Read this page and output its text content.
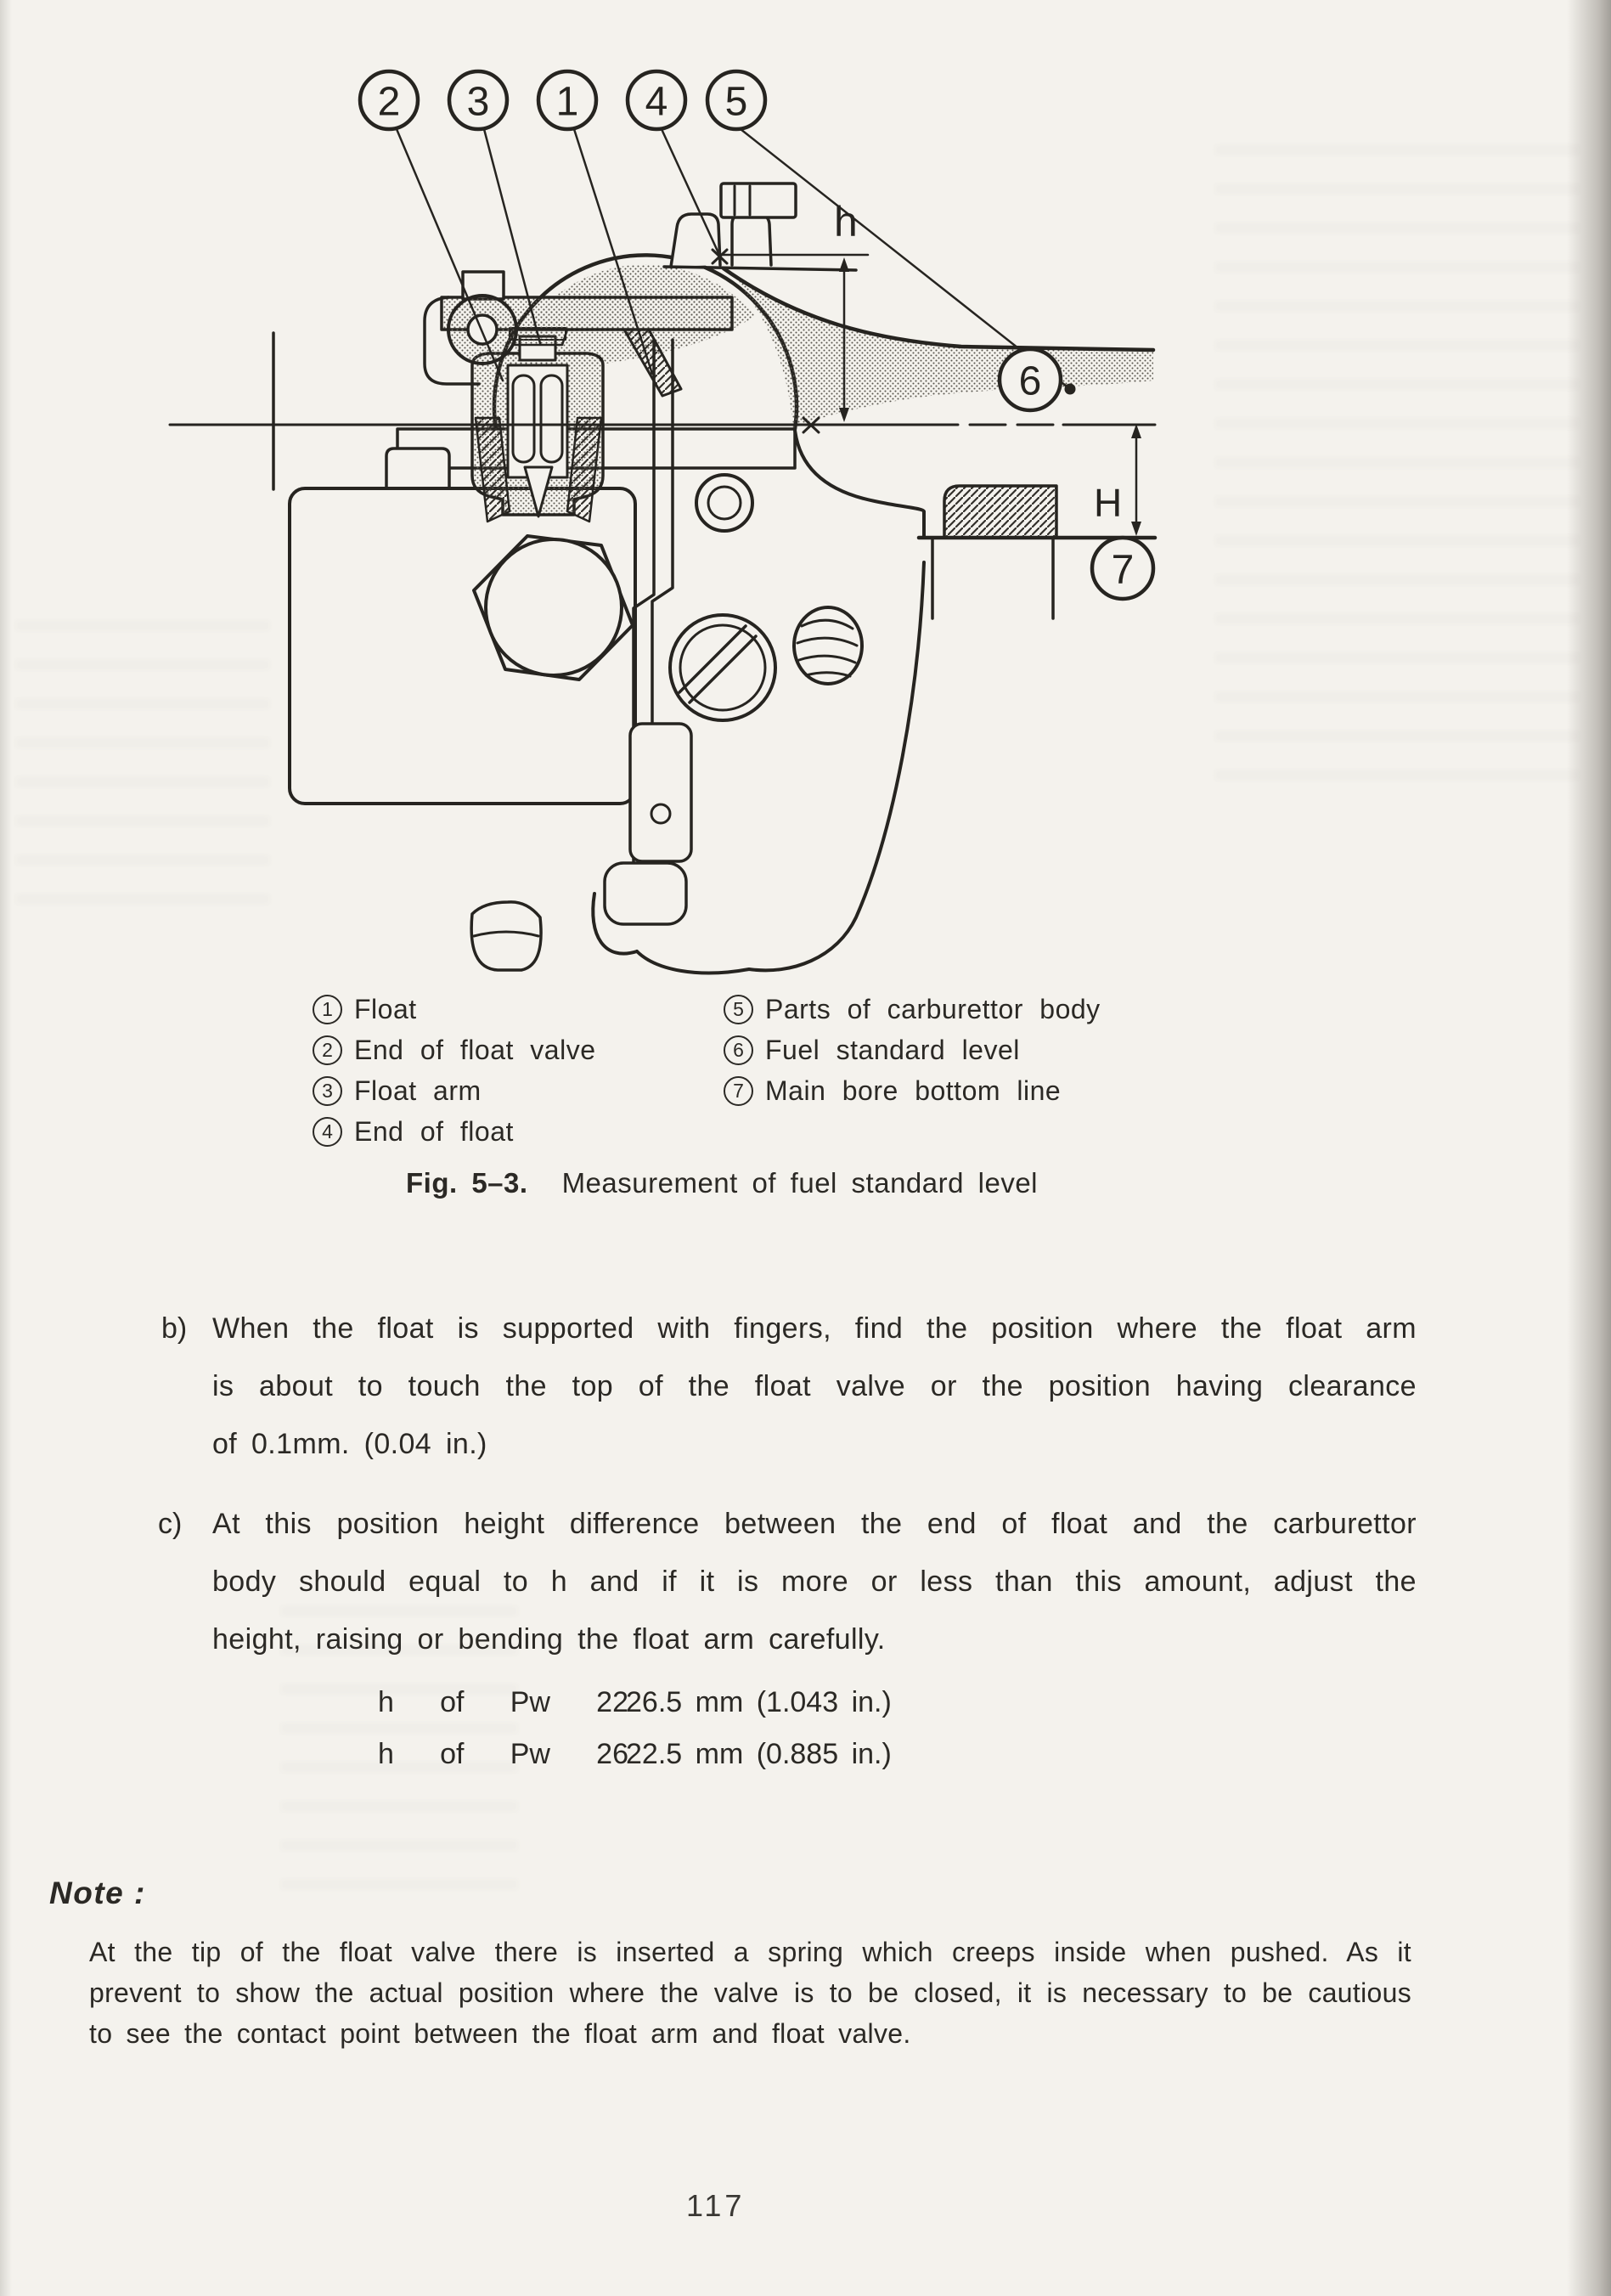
2 3 1 4 5
6
7
h
H
1 Float
2 End of float valve
3 Float arm
4 End of float
5 Parts of carburettor body
6 Fuel standard level
7 Main bore bottom line
Fig. 5–3. Measurement of fuel standard level
b) When the float is supported with fingers, find the position where the float arm
is about to touch the top of the float valve or the position having clearance
of 0.1mm. (0.04 in.)
c) At this position height difference between the end of float and the carburettor
body should equal to h and if it is more or less than this amount, adjust the
height, raising or bending the float arm carefully.
h of Pw 22
26.5 mm (1.043 in.)
h of Pw 26
22.5 mm (0.885 in.)
Note :
At the tip of the float valve there is inserted a spring which creeps inside when pushed. As it
prevent to show the actual position where the valve is to be closed, it is necessary to be cautious
to see the contact point between the float arm and float valve.
117
